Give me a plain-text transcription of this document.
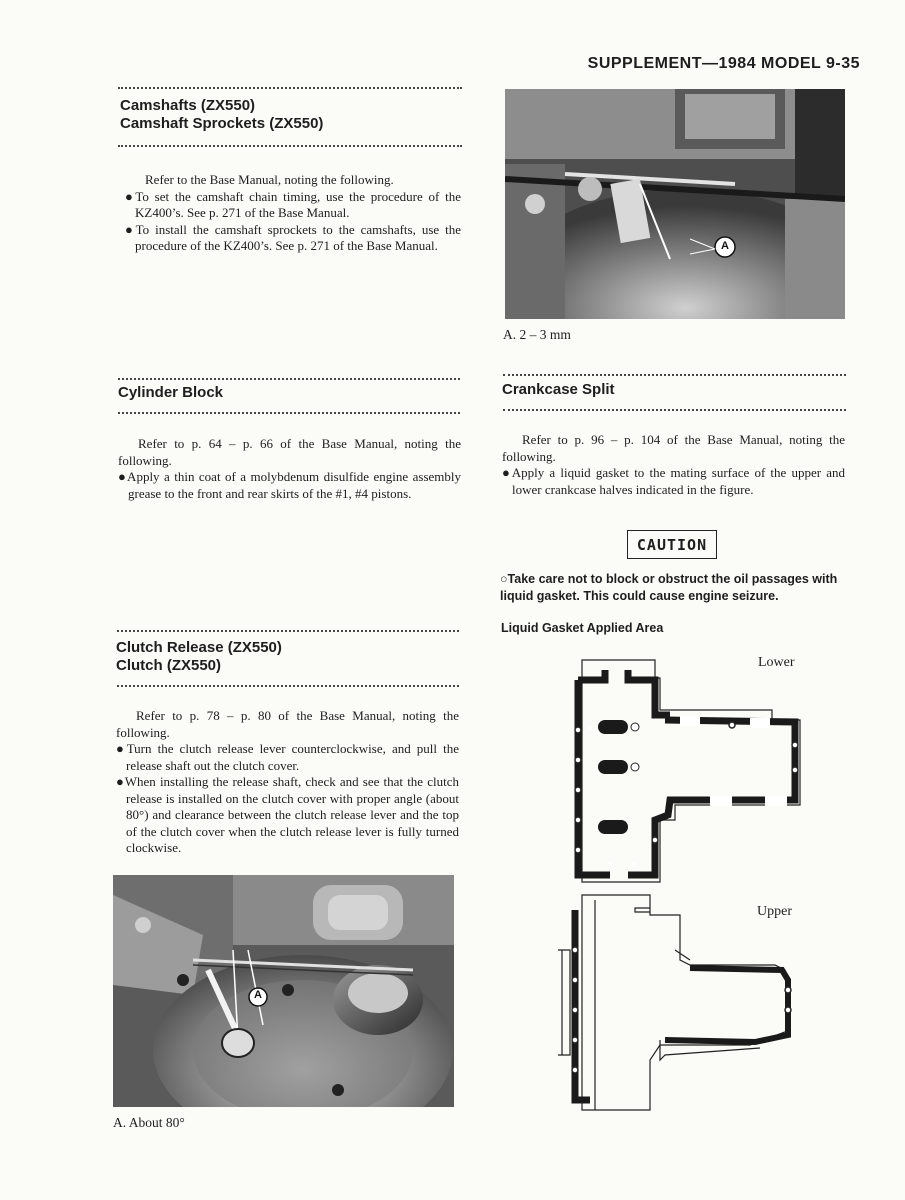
SUPPLEMENT—1984 MODEL 9-35
Camshafts (ZX550)
Camshaft Sprockets (ZX550)

Refer to the Base Manual, noting the following.

●To set the camshaft chain timing, use the procedure of the KZ400’s. See p. 271 of the Base Manual.

●To install the camshaft sprockets to the camshafts, use the procedure of the KZ400’s. See p. 271 of the Base Manual.

Cylinder Block

Refer to p. 64 – p. 66 of the Base Manual, noting the following.

●Apply a thin coat of a molybdenum disulfide engine assembly grease to the front and rear skirts of the #1, #4 pistons.

Clutch Release (ZX550)
Clutch (ZX550)

Refer to p. 78 – p. 80 of the Base Manual, noting the following.

●Turn the clutch release lever counterclockwise, and pull the release shaft out the clutch cover.

●When installing the release shaft, check and see that the clutch release is installed on the clutch cover with proper angle (about 80°) and clearance between the clutch release lever and the top of the clutch cover when the clutch release lever is fully turned clockwise.

A
A. About 80°
A
A. 2 – 3 mm
Crankcase Split

Refer to p. 96 – p. 104 of the Base Manual, noting the following.

●Apply a liquid gasket to the mating surface of the upper and lower crankcase halves indicated in the figure.

CAUTION
○Take care not to block or obstruct the oil passages with liquid gasket. This could cause engine seizure.
Liquid Gasket Applied Area
Lower
Upper
